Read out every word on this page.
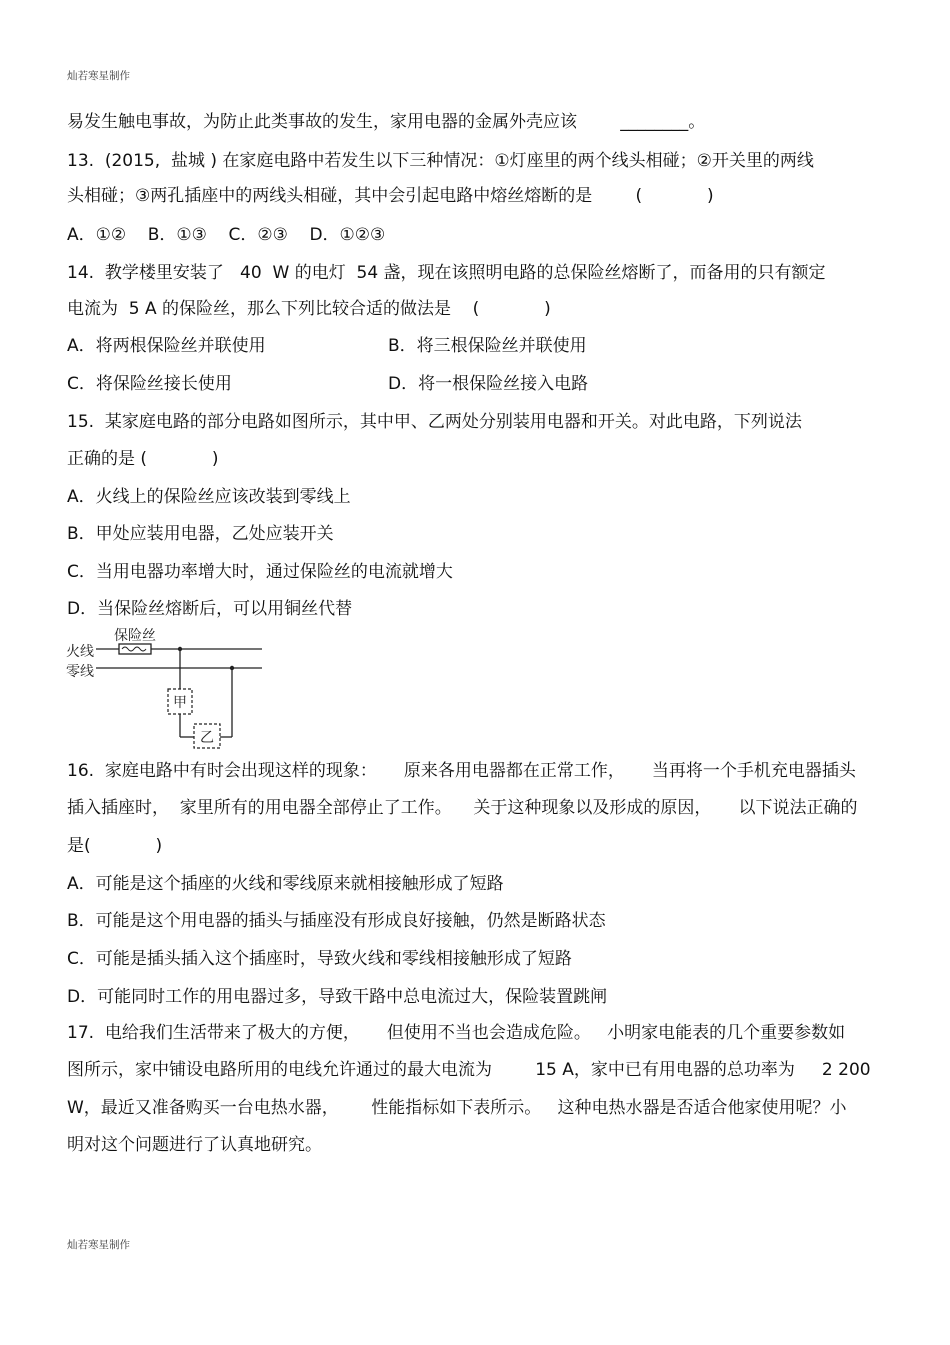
灿若寒星制作
易发生触电事故，为防止此类事故的发生，家用电器的金属外壳应该        ________。
13.  (2015,  盐城 ) 在家庭电路中若发生以下三种情况：①灯座里的两个线头相碰；②开关里的两线
头相碰；③两孔插座中的两线头相碰，其中会引起电路中熔丝熔断的是        (            )
A．①②    B．①③    C．②③    D．①②③
14.  教学楼里安装了   40  W 的电灯  54 盏，现在该照明电路的总保险丝熔断了，而备用的只有额定
电流为  5 A 的保险丝，那么下列比较合适的做法是    (            )
A．将两根保险丝并联使用	B．将三根保险丝并联使用
C．将保险丝接长使用	D．将一根保险丝接入电路
15.  某家庭电路的部分电路如图所示，其中甲、乙两处分别装用电器和开关。对此电路，下列说法
正确的是 (            )
A．火线上的保险丝应该改装到零线上
B．甲处应装用电器，乙处应装开关
C．当用电器功率增大时，通过保险丝的电流就增大
D．当保险丝熔断后，可以用铜丝代替
火线
零线
保险丝
甲
乙
16.  家庭电路中有时会出现这样的现象：     原来各用电器都在正常工作，     当再将一个手机充电器插头
插入插座时，  家里所有的用电器全部停止了工作。    关于这种现象以及形成的原因，     以下说法正确的
是(            )
A．可能是这个插座的火线和零线原来就相接触形成了短路
B．可能是这个用电器的插头与插座没有形成良好接触，仍然是断路状态
C．可能是插头插入这个插座时，导致火线和零线相接触形成了短路
D．可能同时工作的用电器过多，导致干路中总电流过大，保险装置跳闸
17.  电给我们生活带来了极大的方便，     但使用不当也会造成危险。   小明家电能表的几个重要参数如
图所示，家中铺设电路所用的电线允许通过的最大电流为        15 A，家中已有用电器的总功率为     2 200
W，最近又准备购买一台电热水器，      性能指标如下表所示。   这种电热水器是否适合他家使用呢？小
明对这个问题进行了认真地研究。
灿若寒星制作
